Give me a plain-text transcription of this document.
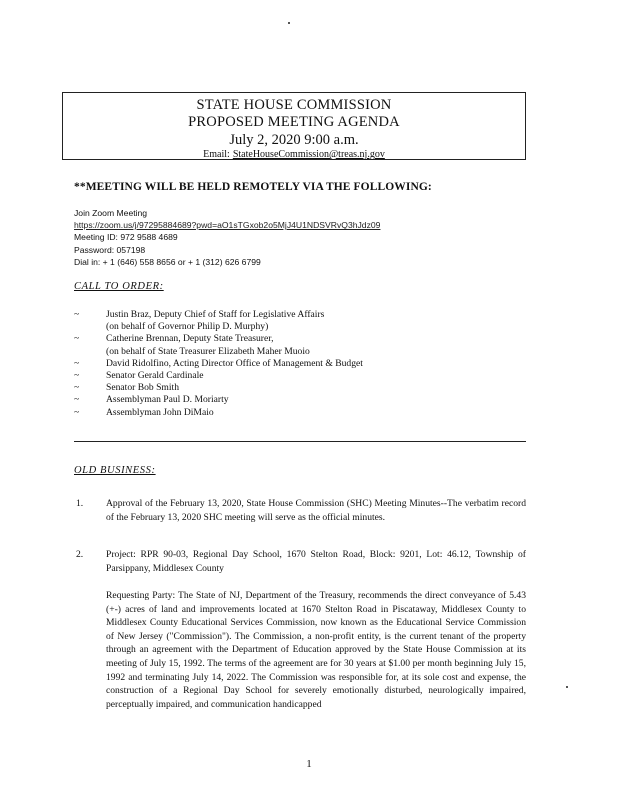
STATE HOUSE COMMISSION
PROPOSED MEETING AGENDA
July 2, 2020 9:00 a.m.
Email: StateHouseCommission@treas.nj.gov
**MEETING WILL BE HELD REMOTELY VIA THE FOLLOWING:
Join Zoom Meeting
https://zoom.us/j/97295884689?pwd=aO1sTGxob2o5MjJ4U1NDSVRvQ3hJdz09
Meeting ID: 972 9588 4689
Password: 057198
Dial in: + 1 (646) 558 8656 or + 1 (312) 626 6799
CALL TO ORDER:
~	Justin Braz, Deputy Chief of Staff for Legislative Affairs
(on behalf of Governor Philip D. Murphy)
~	Catherine Brennan, Deputy State Treasurer,
(on behalf of State Treasurer Elizabeth Maher Muoio
~	David Ridolfino, Acting Director Office of Management & Budget
~	Senator Gerald Cardinale
~	Senator Bob Smith
~	Assemblyman Paul D. Moriarty
~	Assemblyman John DiMaio
OLD BUSINESS:
1. Approval of the February 13, 2020, State House Commission (SHC) Meeting Minutes--The verbatim record of the February 13, 2020 SHC meeting will serve as the official minutes.

2. Project: RPR 90-03, Regional Day School, 1670 Stelton Road, Block: 9201, Lot: 46.12, Township of Parsippany, Middlesex County

Requesting Party: The State of NJ, Department of the Treasury, recommends the direct conveyance of 5.43 (+-) acres of land and improvements located at 1670 Stelton Road in Piscataway, Middlesex County to Middlesex County Educational Services Commission, now known as the Educational Service Commission of New Jersey ("Commission"). The Commission, a non-profit entity, is the current tenant of the property through an agreement with the Department of Education approved by the State House Commission at its meeting of July 15, 1992. The terms of the agreement are for 30 years at $1.00 per month beginning July 15, 1992 and terminating July 14, 2022. The Commission was responsible for, at its sole cost and expense, the construction of a Regional Day School for severely emotionally disturbed, neurologically impaired, perceptually impaired, and communication handicapped

1
